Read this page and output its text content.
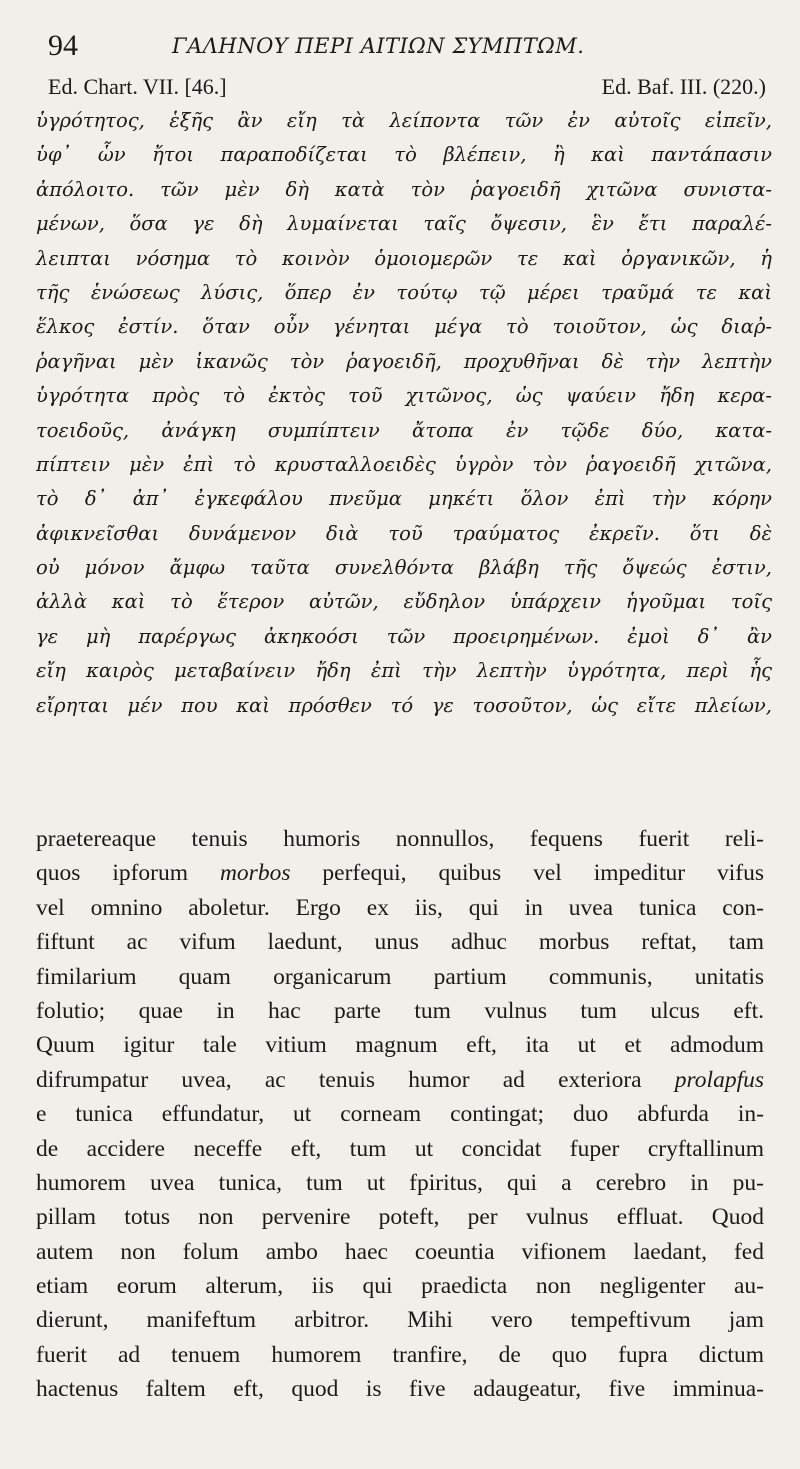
94	ΓΑΛΗΝΟΥ ΠΕΡΙ ΑΙΤΙΩΝ ΣΥΜΠΤΩΜ.
Ed. Chart. VII. [46.]	Ed. Baf. III. (220.)
ὑγρότητος, ἑξῆς ἂν εἴη τὰ λείποντα τῶν ἐν αὐτοῖς εἰπεῖν,
ὑφ᾽ ὧν ἤτοι παραποδίζεται τὸ βλέπειν, ἢ καὶ παντάπασιν
ἀπόλοιτο. τῶν μὲν δὴ κατὰ τὸν ῥαγοειδῆ χιτῶνα συνιστα-
μένων, ὅσα γε δὴ λυμαίνεται ταῖς ὄψεσιν, ἓν ἔτι παραλέ-
λειπται νόσημα τὸ κοινὸν ὁμοιομερῶν τε καὶ ὀργανικῶν, ἡ
τῆς ἑνώσεως λύσις, ὅπερ ἐν τούτῳ τῷ μέρει τραῦμά τε καὶ
ἕλκος ἐστίν. ὅταν οὖν γένηται μέγα τὸ τοιοῦτον, ὡς διαῤ-
ῥαγῆναι μὲν ἱκανῶς τὸν ῥαγοειδῆ, προχυθῆναι δὲ τὴν λεπτὴν
ὑγρότητα πρὸς τὸ ἐκτὸς τοῦ χιτῶνος, ὡς ψαύειν ἤδη κερα-
τοειδοῦς, ἀνάγκη συμπίπτειν ἄτοπα ἐν τῷδε δύο, κατα-
πίπτειν μὲν ἐπὶ τὸ κρυσταλλοειδὲς ὑγρὸν τὸν ῥαγοειδῆ χιτῶνα,
τὸ δ᾽ ἀπ᾽ ἐγκεφάλου πνεῦμα μηκέτι ὅλον ἐπὶ τὴν κόρην
ἀφικνεῖσθαι δυνάμενον διὰ τοῦ τραύματος ἐκρεῖν. ὅτι δὲ
οὐ μόνον ἄμφω ταῦτα συνελθόντα βλάβη τῆς ὄψεώς ἐστιν,
ἀλλὰ καὶ τὸ ἕτερον αὐτῶν, εὔδηλον ὑπάρχειν ἡγοῦμαι τοῖς
γε μὴ παρέργως ἀκηκοόσι τῶν προειρημένων. ἐμοὶ δ᾽ ἂν
εἴη καιρὸς μεταβαίνειν ἤδη ἐπὶ τὴν λεπτὴν ὑγρότητα, περὶ ἧς
εἴρηται μέν που καὶ πρόσθεν τό γε τοσοῦτον, ὡς εἴτε πλείων,
praetereaque tenuis humoris nonnullos, fequens fuerit reli-
quos ipforum morbos perfequi, quibus vel impeditur vifus
vel omnino aboletur. Ergo ex iis, qui in uvea tunica con-
fiftunt ac vifum laedunt, unus adhuc morbus reftat, tam
fimilarium quam organicarum partium communis, unitatis
folutio; quae in hac parte tum vulnus tum ulcus eft.
Quum igitur tale vitium magnum eft, ita ut et admodum
difrumpatur uvea, ac tenuis humor ad exteriora prolapfus
e tunica effundatur, ut corneam contingat; duo abfurda in-
de accidere neceffe eft, tum ut concidat fuper cryftallinum
humorem uvea tunica, tum ut fpiritus, qui a cerebro in pu-
pillam totus non pervenire poteft, per vulnus effluat. Quod
autem non folum ambo haec coeuntia vifionem laedant, fed
etiam eorum alterum, iis qui praedicta non negligenter au-
dierunt, manifeftum arbitror. Mihi vero tempeftivum jam
fuerit ad tenuem humorem tranfire, de quo fupra dictum
hactenus faltem eft, quod is five adaugeatur, five imminua-
